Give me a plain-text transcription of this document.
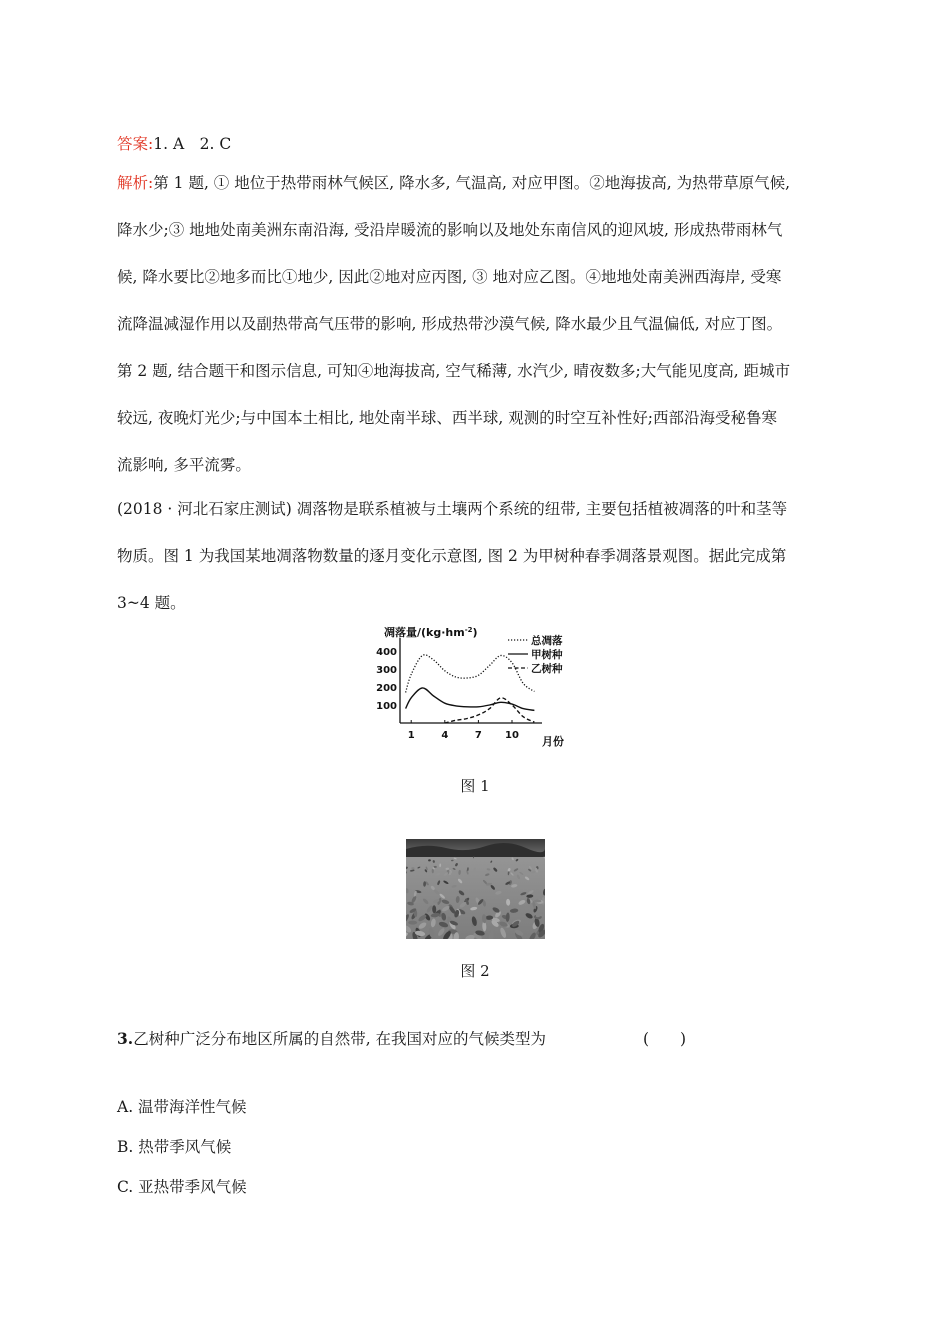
答案:1. A　2. C
解析:第 1 题, ① 地位于热带雨林气候区, 降水多, 气温高, 对应甲图。②地海拔高, 为热带草原气候,
降水少;③ 地地处南美洲东南沿海, 受沿岸暖流的影响以及地处东南信风的迎风坡, 形成热带雨林气
候, 降水要比②地多而比①地少, 因此②地对应丙图, ③ 地对应乙图。④地地处南美洲西海岸, 受寒
流降温减湿作用以及副热带高气压带的影响, 形成热带沙漠气候, 降水最少且气温偏低, 对应丁图。
第 2 题, 结合题干和图示信息, 可知④地海拔高, 空气稀薄, 水汽少, 晴夜数多;大气能见度高, 距城市
较远, 夜晚灯光少;与中国本土相比, 地处南半球、西半球, 观测的时空互补性好;西部沿海受秘鲁寒
流影响, 多平流雾。
(2018 · 河北石家庄测试) 凋落物是联系植被与土壤两个系统的纽带, 主要包括植被凋落的叶和茎等
物质。图 1 为我国某地凋落物数量的逐月变化示意图, 图 2 为甲树种春季凋落景观图。据此完成第
3~4 题。
凋落量$/(kg\cdot hm^{-2})$
100
200
300
400
1	4	7 10
总凋落
甲树种
乙树种
月份
图 1
图 2
3.乙树种广泛分布地区所属的自然带, 在我国对应的气候类型为	(　　)
A. 温带海洋性气候
B. 热带季风气候
C. 亚热带季风气候
